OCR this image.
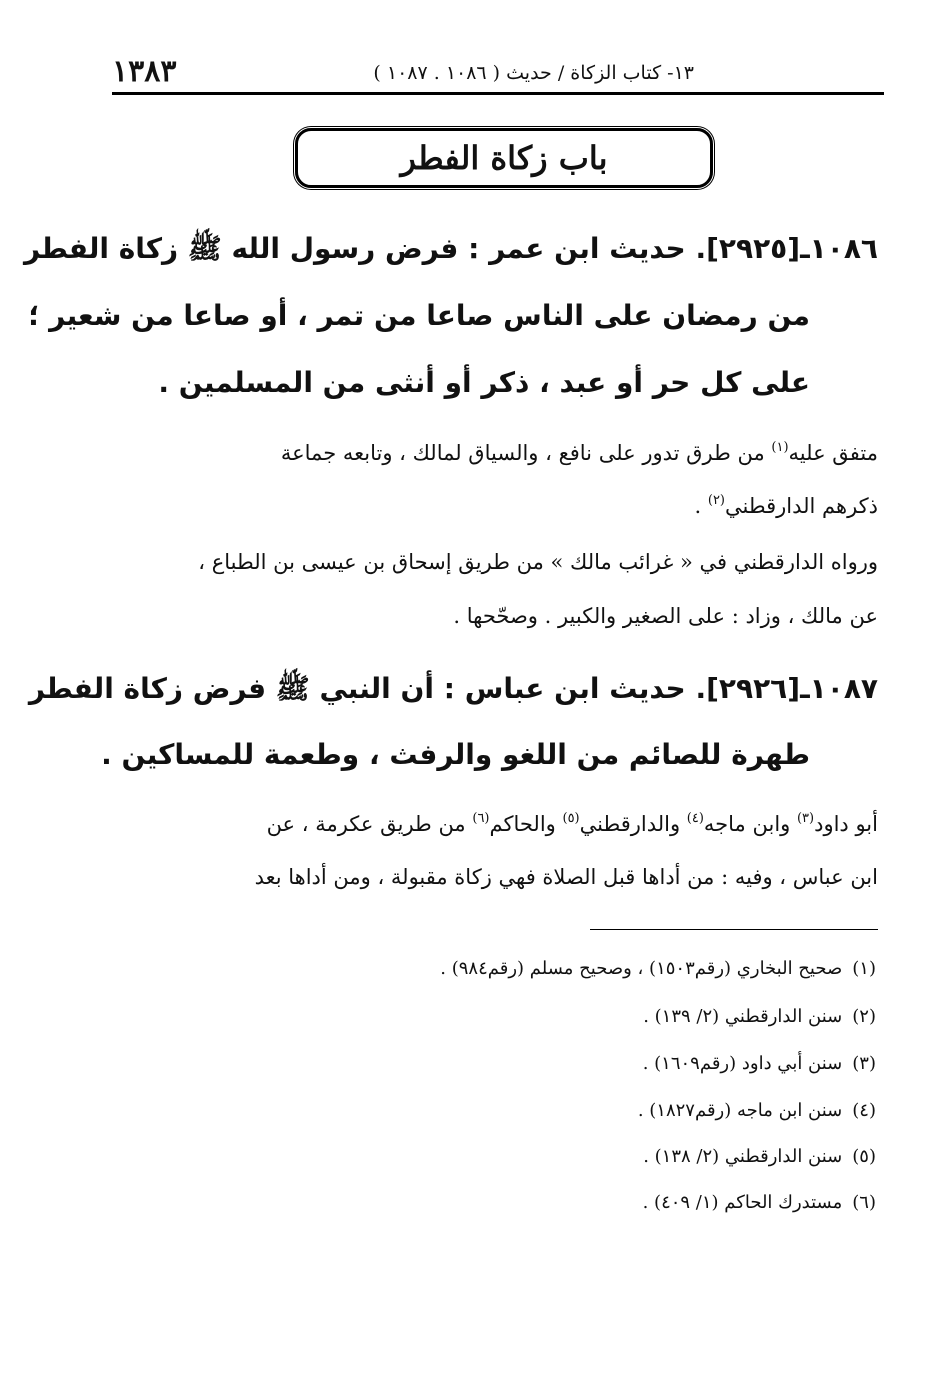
١٣٨٣	١٣- كتاب الزكاة / حديث ( ١٠٨٦ . ١٠٨٧ )
باب زكاة الفطر
١٠٨٦ـ[٢٩٢٥]. حديث ابن عمر : فرض رسول الله ﷺ زكاة الفطر
من رمضان على الناس صاعا من تمر ، أو صاعا من شعير ؛
على كل حر أو عبد ، ذكر أو أنثى من المسلمين .
متفق عليه$^{(١)}$ من طرق تدور على نافع ، والسياق لمالك ، وتابعه جماعة
ذكرهم الدارقطني$^{(٢)}$ .
ورواه الدارقطني في « غرائب مالك » من طريق إسحاق بن عيسى بن الطباع ،
عن مالك ، وزاد : على الصغير والكبير . وصحّحها .
١٠٨٧ـ[٢٩٢٦]. حديث ابن عباس : أن النبي ﷺ فرض زكاة الفطر
طهرة للصائم من اللغو والرفث ، وطعمة للمساكين .
أبو داود$^{(٣)}$ وابن ماجه$^{(٤)}$ والدارقطني$^{(٥)}$ والحاكم$^{(٦)}$ من طريق عكرمة ، عن
ابن عباس ، وفيه : من أداها قبل الصلاة فهي زكاة مقبولة ، ومن أداها بعد
(١)صحيح البخاري (رقم١٥٠٣) ، وصحيح مسلم (رقم٩٨٤) .
(٢)سنن الدارقطني (٢/ ١٣٩) .
(٣)سنن أبي داود (رقم١٦٠٩) .
(٤)سنن ابن ماجه (رقم١٨٢٧) .
(٥)سنن الدارقطني (٢/ ١٣٨) .
(٦)مستدرك الحاكم (١/ ٤٠٩) .
